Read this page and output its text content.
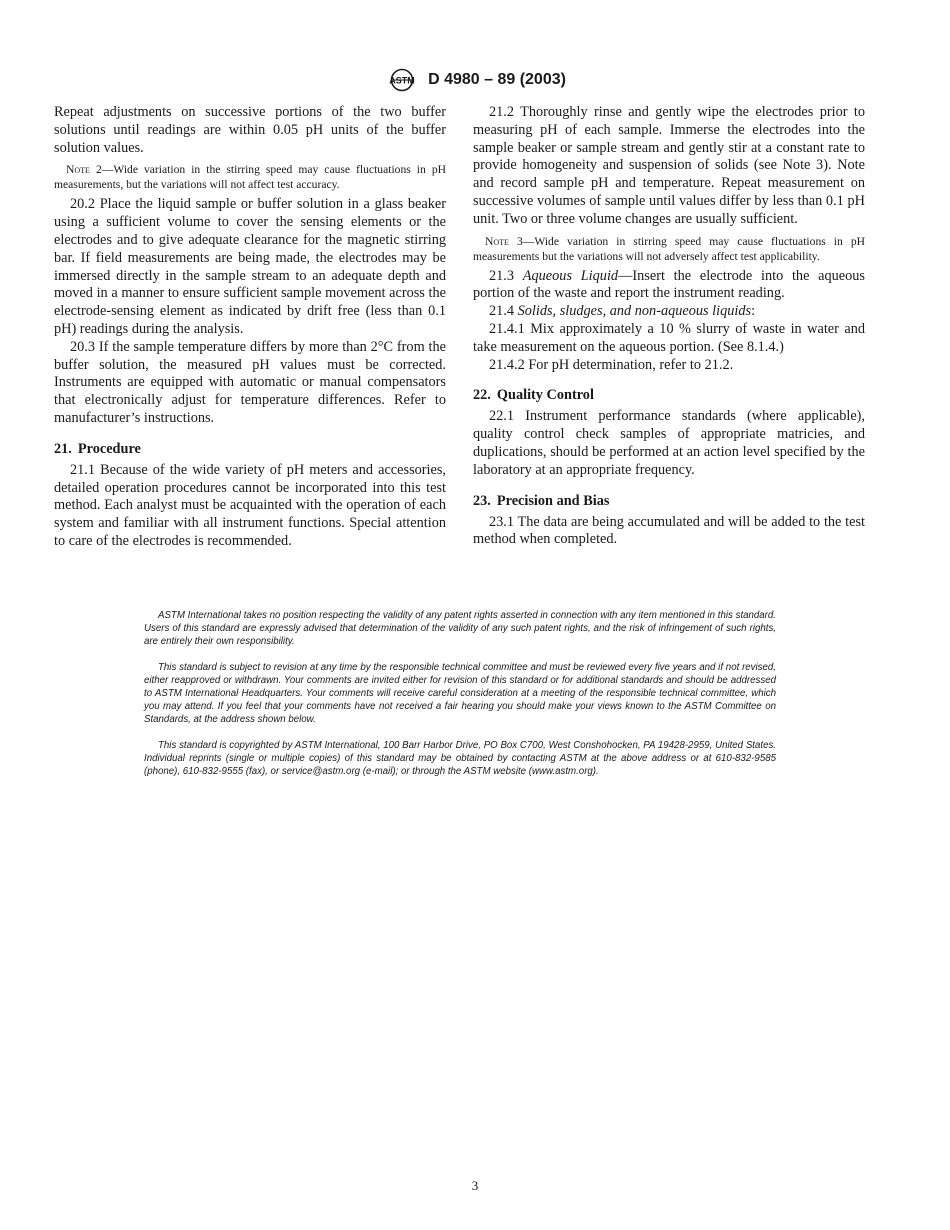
ASTM D 4980 – 89 (2003)

Repeat adjustments on successive portions of the two buffer solutions until readings are within 0.05 pH units of the buffer solution values.

Note 2—Wide variation in the stirring speed may cause fluctuations in pH measurements, but the variations will not affect test accuracy.

20.2 Place the liquid sample or buffer solution in a glass beaker using a sufficient volume to cover the sensing elements or the electrodes and to give adequate clearance for the magnetic stirring bar. If field measurements are being made, the electrodes may be immersed directly in the sample stream to an adequate depth and moved in a manner to ensure sufficient sample movement across the electrode-sensing element as indicated by drift free (less than 0.1 pH) readings during the analysis.

20.3 If the sample temperature differs by more than 2°C from the buffer solution, the measured pH values must be corrected. Instruments are equipped with automatic or manual compensators that electronically adjust for temperature differences. Refer to manufacturer’s instructions.

21. Procedure

21.1 Because of the wide variety of pH meters and accessories, detailed operation procedures cannot be incorporated into this test method. Each analyst must be acquainted with the operation of each system and familiar with all instrument functions. Special attention to care of the electrodes is recommended.

21.2 Thoroughly rinse and gently wipe the electrodes prior to measuring pH of each sample. Immerse the electrodes into the sample beaker or sample stream and gently stir at a constant rate to provide homogeneity and suspension of solids (see Note 3). Note and record sample pH and temperature. Repeat measurement on successive volumes of sample until values differ by less than 0.1 pH unit. Two or three volume changes are usually sufficient.

Note 3—Wide variation in stirring speed may cause fluctuations in pH measurements but the variations will not adversely affect test applicability.

21.3 Aqueous Liquid—Insert the electrode into the aqueous portion of the waste and report the instrument reading.

21.4 Solids, sludges, and non-aqueous liquids:

21.4.1 Mix approximately a 10 % slurry of waste in water and take measurement on the aqueous portion. (See 8.1.4.)

21.4.2 For pH determination, refer to 21.2.

22. Quality Control

22.1 Instrument performance standards (where applicable), quality control check samples of appropriate matricies, and duplications, should be performed at an action level specified by the laboratory at an appropriate frequency.

23. Precision and Bias

23.1 The data are being accumulated and will be added to the test method when completed.

ASTM International takes no position respecting the validity of any patent rights asserted in connection with any item mentioned in this standard. Users of this standard are expressly advised that determination of the validity of any such patent rights, and the risk of infringement of such rights, are entirely their own responsibility.

This standard is subject to revision at any time by the responsible technical committee and must be reviewed every five years and if not revised, either reapproved or withdrawn. Your comments are invited either for revision of this standard or for additional standards and should be addressed to ASTM International Headquarters. Your comments will receive careful consideration at a meeting of the responsible technical committee, which you may attend. If you feel that your comments have not received a fair hearing you should make your views known to the ASTM Committee on Standards, at the address shown below.

This standard is copyrighted by ASTM International, 100 Barr Harbor Drive, PO Box C700, West Conshohocken, PA 19428-2959, United States. Individual reprints (single or multiple copies) of this standard may be obtained by contacting ASTM at the above address or at 610-832-9585 (phone), 610-832-9555 (fax), or service@astm.org (e-mail); or through the ASTM website (www.astm.org).

3
